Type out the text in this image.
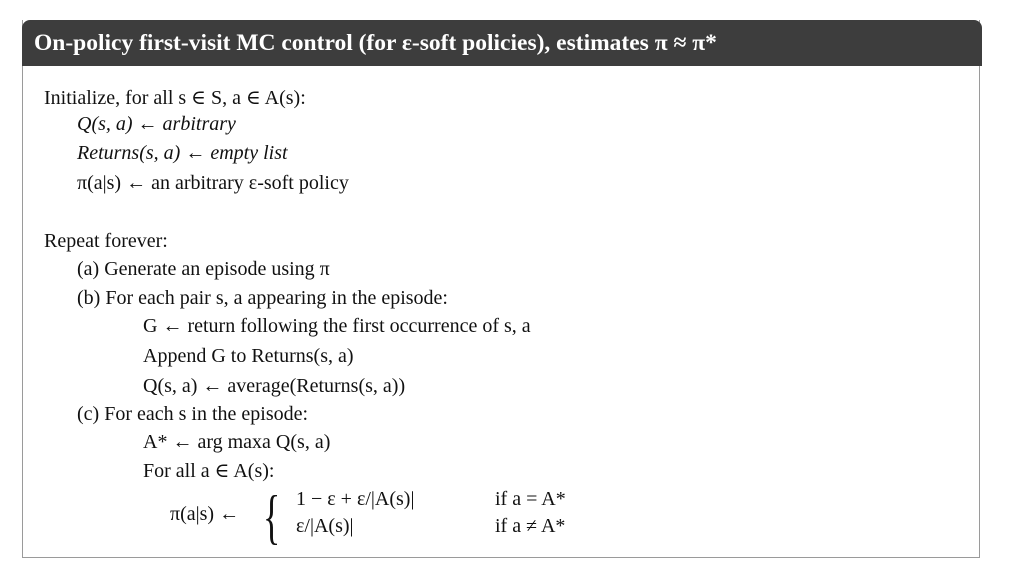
On-policy first-visit MC control (for ε-soft policies), estimates π ≈ π*
Initialize, for all s ∈ S, a ∈ A(s):
Q(s, a) ← arbitrary
Returns(s, a) ← empty list
π(a|s) ← an arbitrary ε-soft policy
Repeat forever:
(a) Generate an episode using π
(b) For each pair s, a appearing in the episode:
G ← return following the first occurrence of s, a
Append G to Returns(s, a)
Q(s, a) ← average(Returns(s, a))
(c) For each s in the episode:
A* ← arg maxa Q(s, a)
For all a ∈ A(s):
π(a|s) ← { 1 − ε + ε/|A(s)|	if a = A*
ε/|A(s)|	if a ≠ A*
